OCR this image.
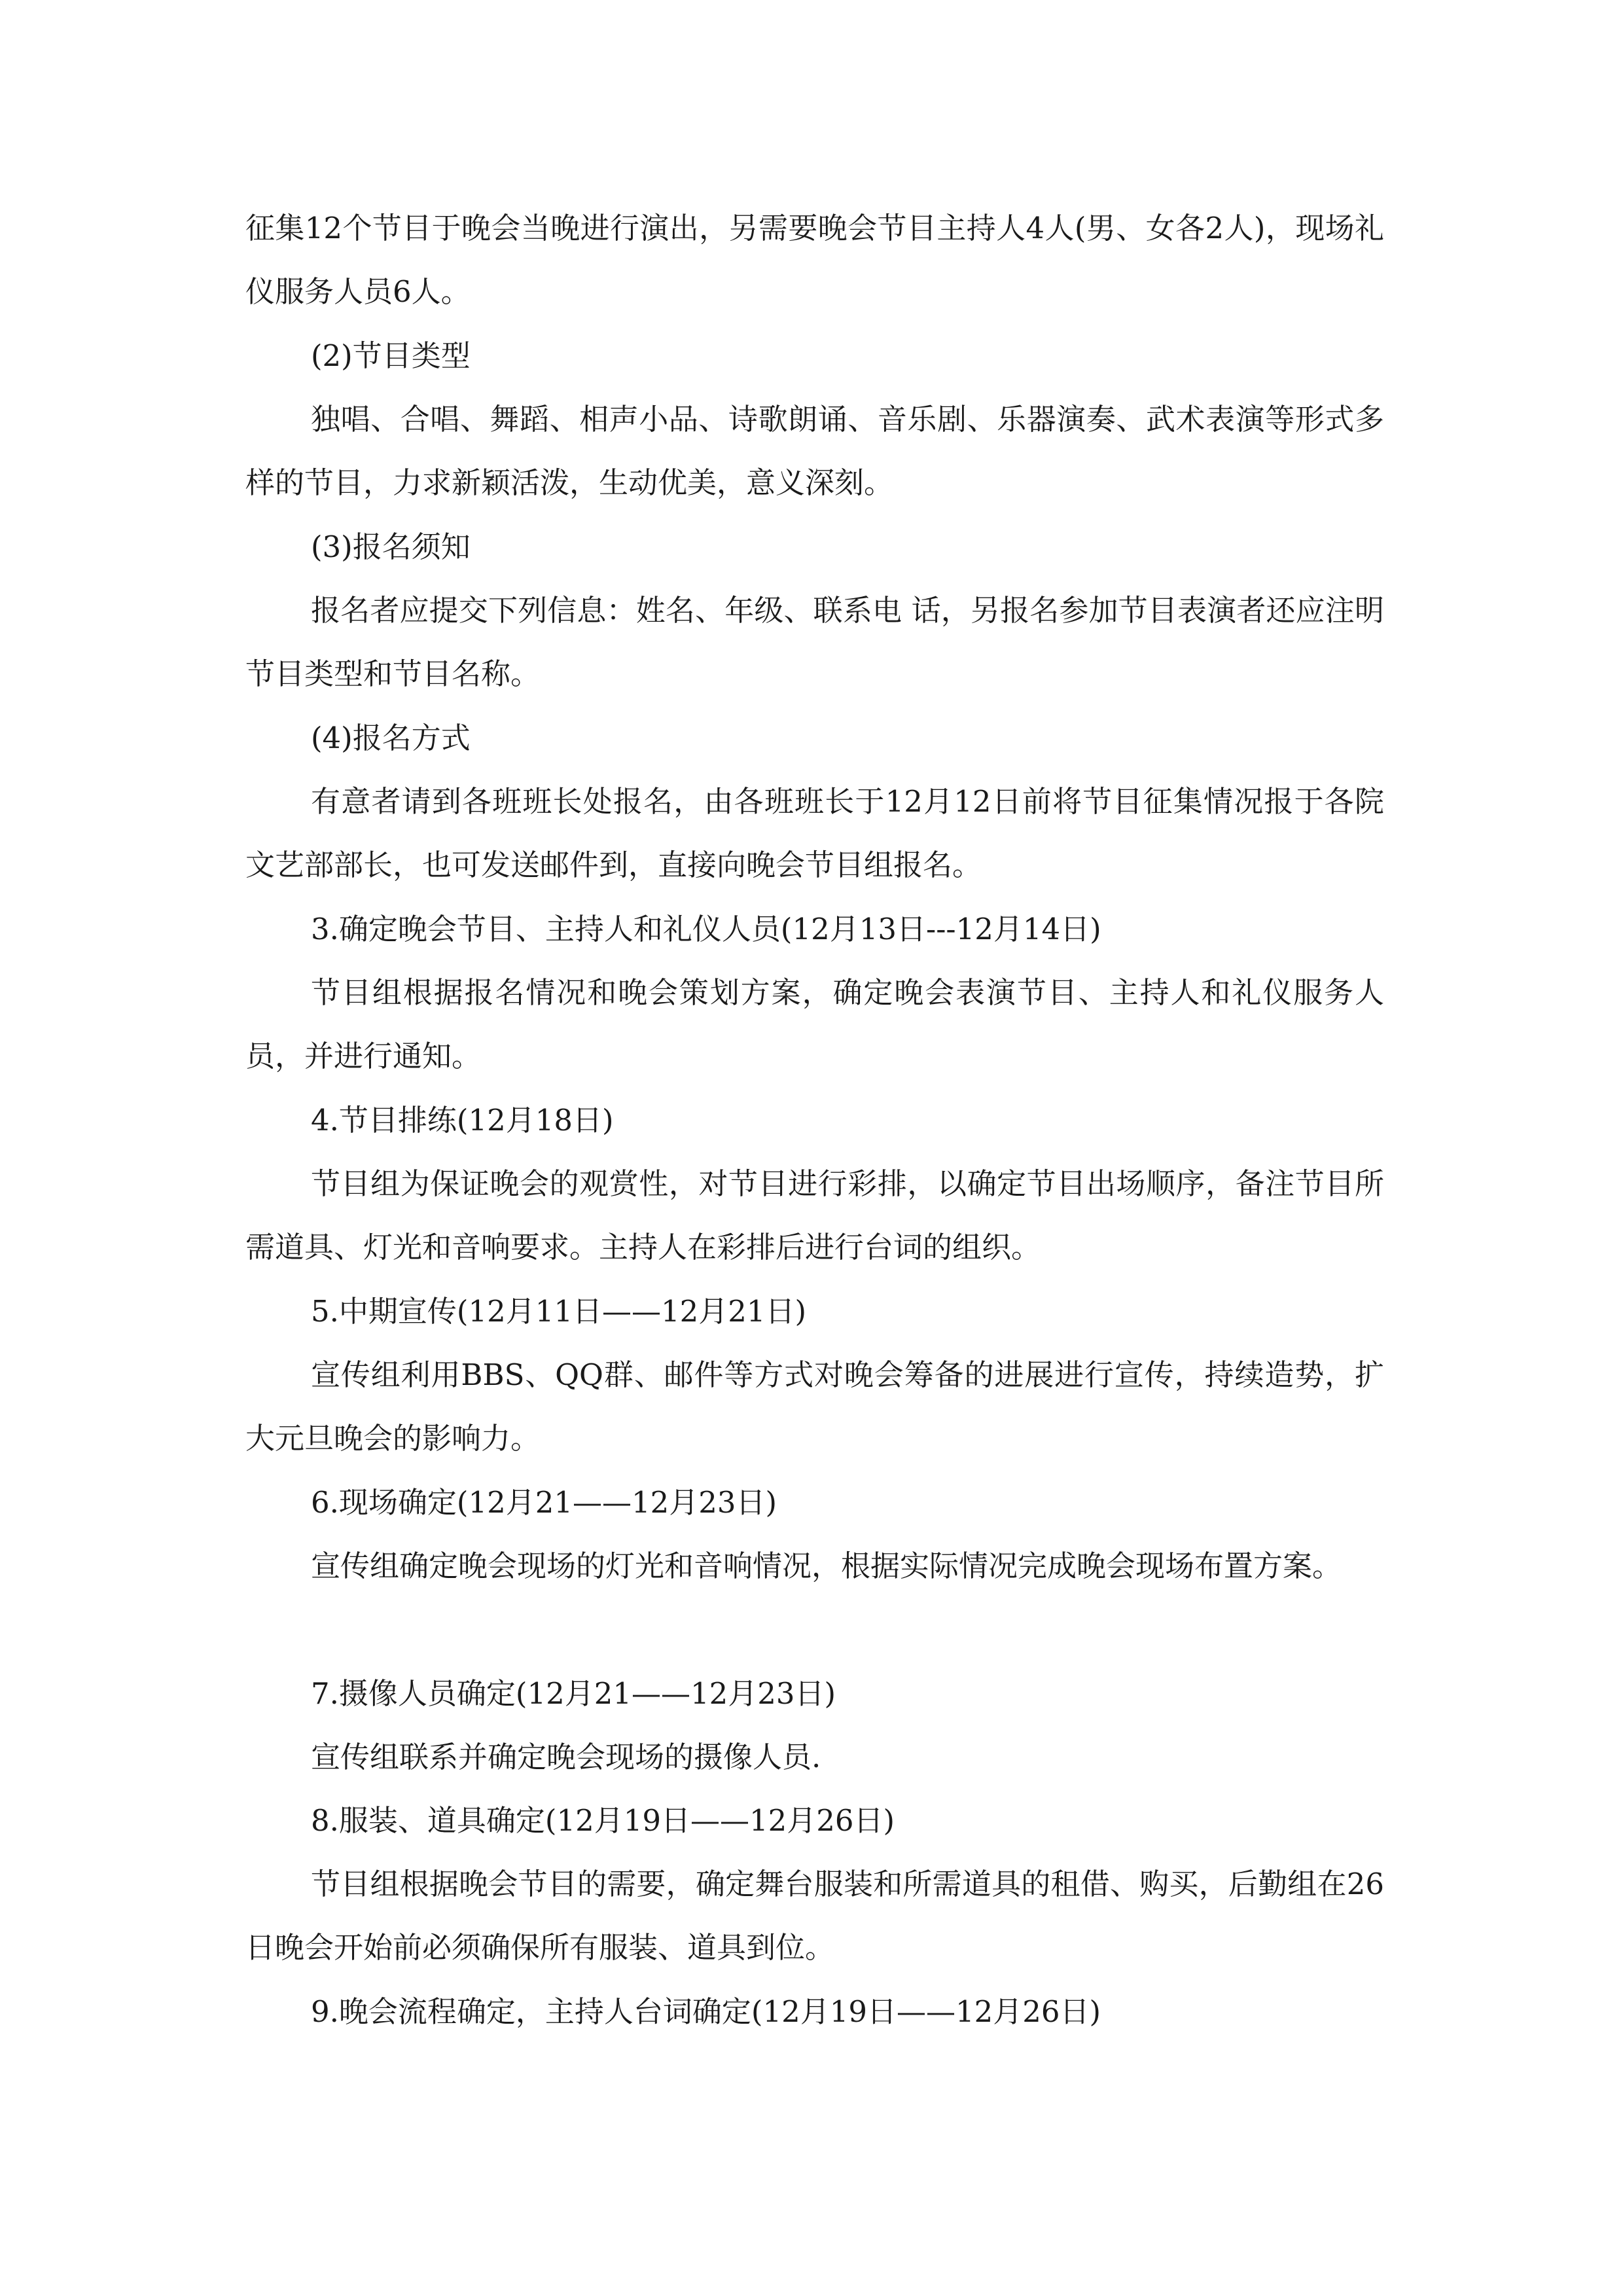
征集12个节目于晚会当晚进行演出，另需要晚会节目主持人4人(男、女各2人)，现场礼仪服务人员6人。

(2)节目类型

独唱、合唱、舞蹈、相声小品、诗歌朗诵、音乐剧、乐器演奏、武术表演等形式多样的节目，力求新颖活泼，生动优美，意义深刻。

(3)报名须知

报名者应提交下列信息：姓名、年级、联系电 话，另报名参加节目表演者还应注明节目类型和节目名称。

(4)报名方式

有意者请到各班班长处报名，由各班班长于12月12日前将节目征集情况报于各院文艺部部长，也可发送邮件到，直接向晚会节目组报名。

3.确定晚会节目、主持人和礼仪人员(12月13日---12月14日)

节目组根据报名情况和晚会策划方案，确定晚会表演节目、主持人和礼仪服务人员，并进行通知。

4.节目排练(12月18日)

节目组为保证晚会的观赏性，对节目进行彩排，以确定节目出场顺序，备注节目所需道具、灯光和音响要求。主持人在彩排后进行台词的组织。

5.中期宣传(12月11日——12月21日)

宣传组利用BBS、QQ群、邮件等方式对晚会筹备的进展进行宣传，持续造势，扩大元旦晚会的影响力。

6.现场确定(12月21——12月23日)

宣传组确定晚会现场的灯光和音响情况，根据实际情况完成晚会现场布置方案。

7.摄像人员确定(12月21——12月23日)

宣传组联系并确定晚会现场的摄像人员.

8.服装、道具确定(12月19日——12月26日)

节目组根据晚会节目的需要，确定舞台服装和所需道具的租借、购买，后勤组在26日晚会开始前必须确保所有服装、道具到位。

9.晚会流程确定，主持人台词确定(12月19日——12月26日)
